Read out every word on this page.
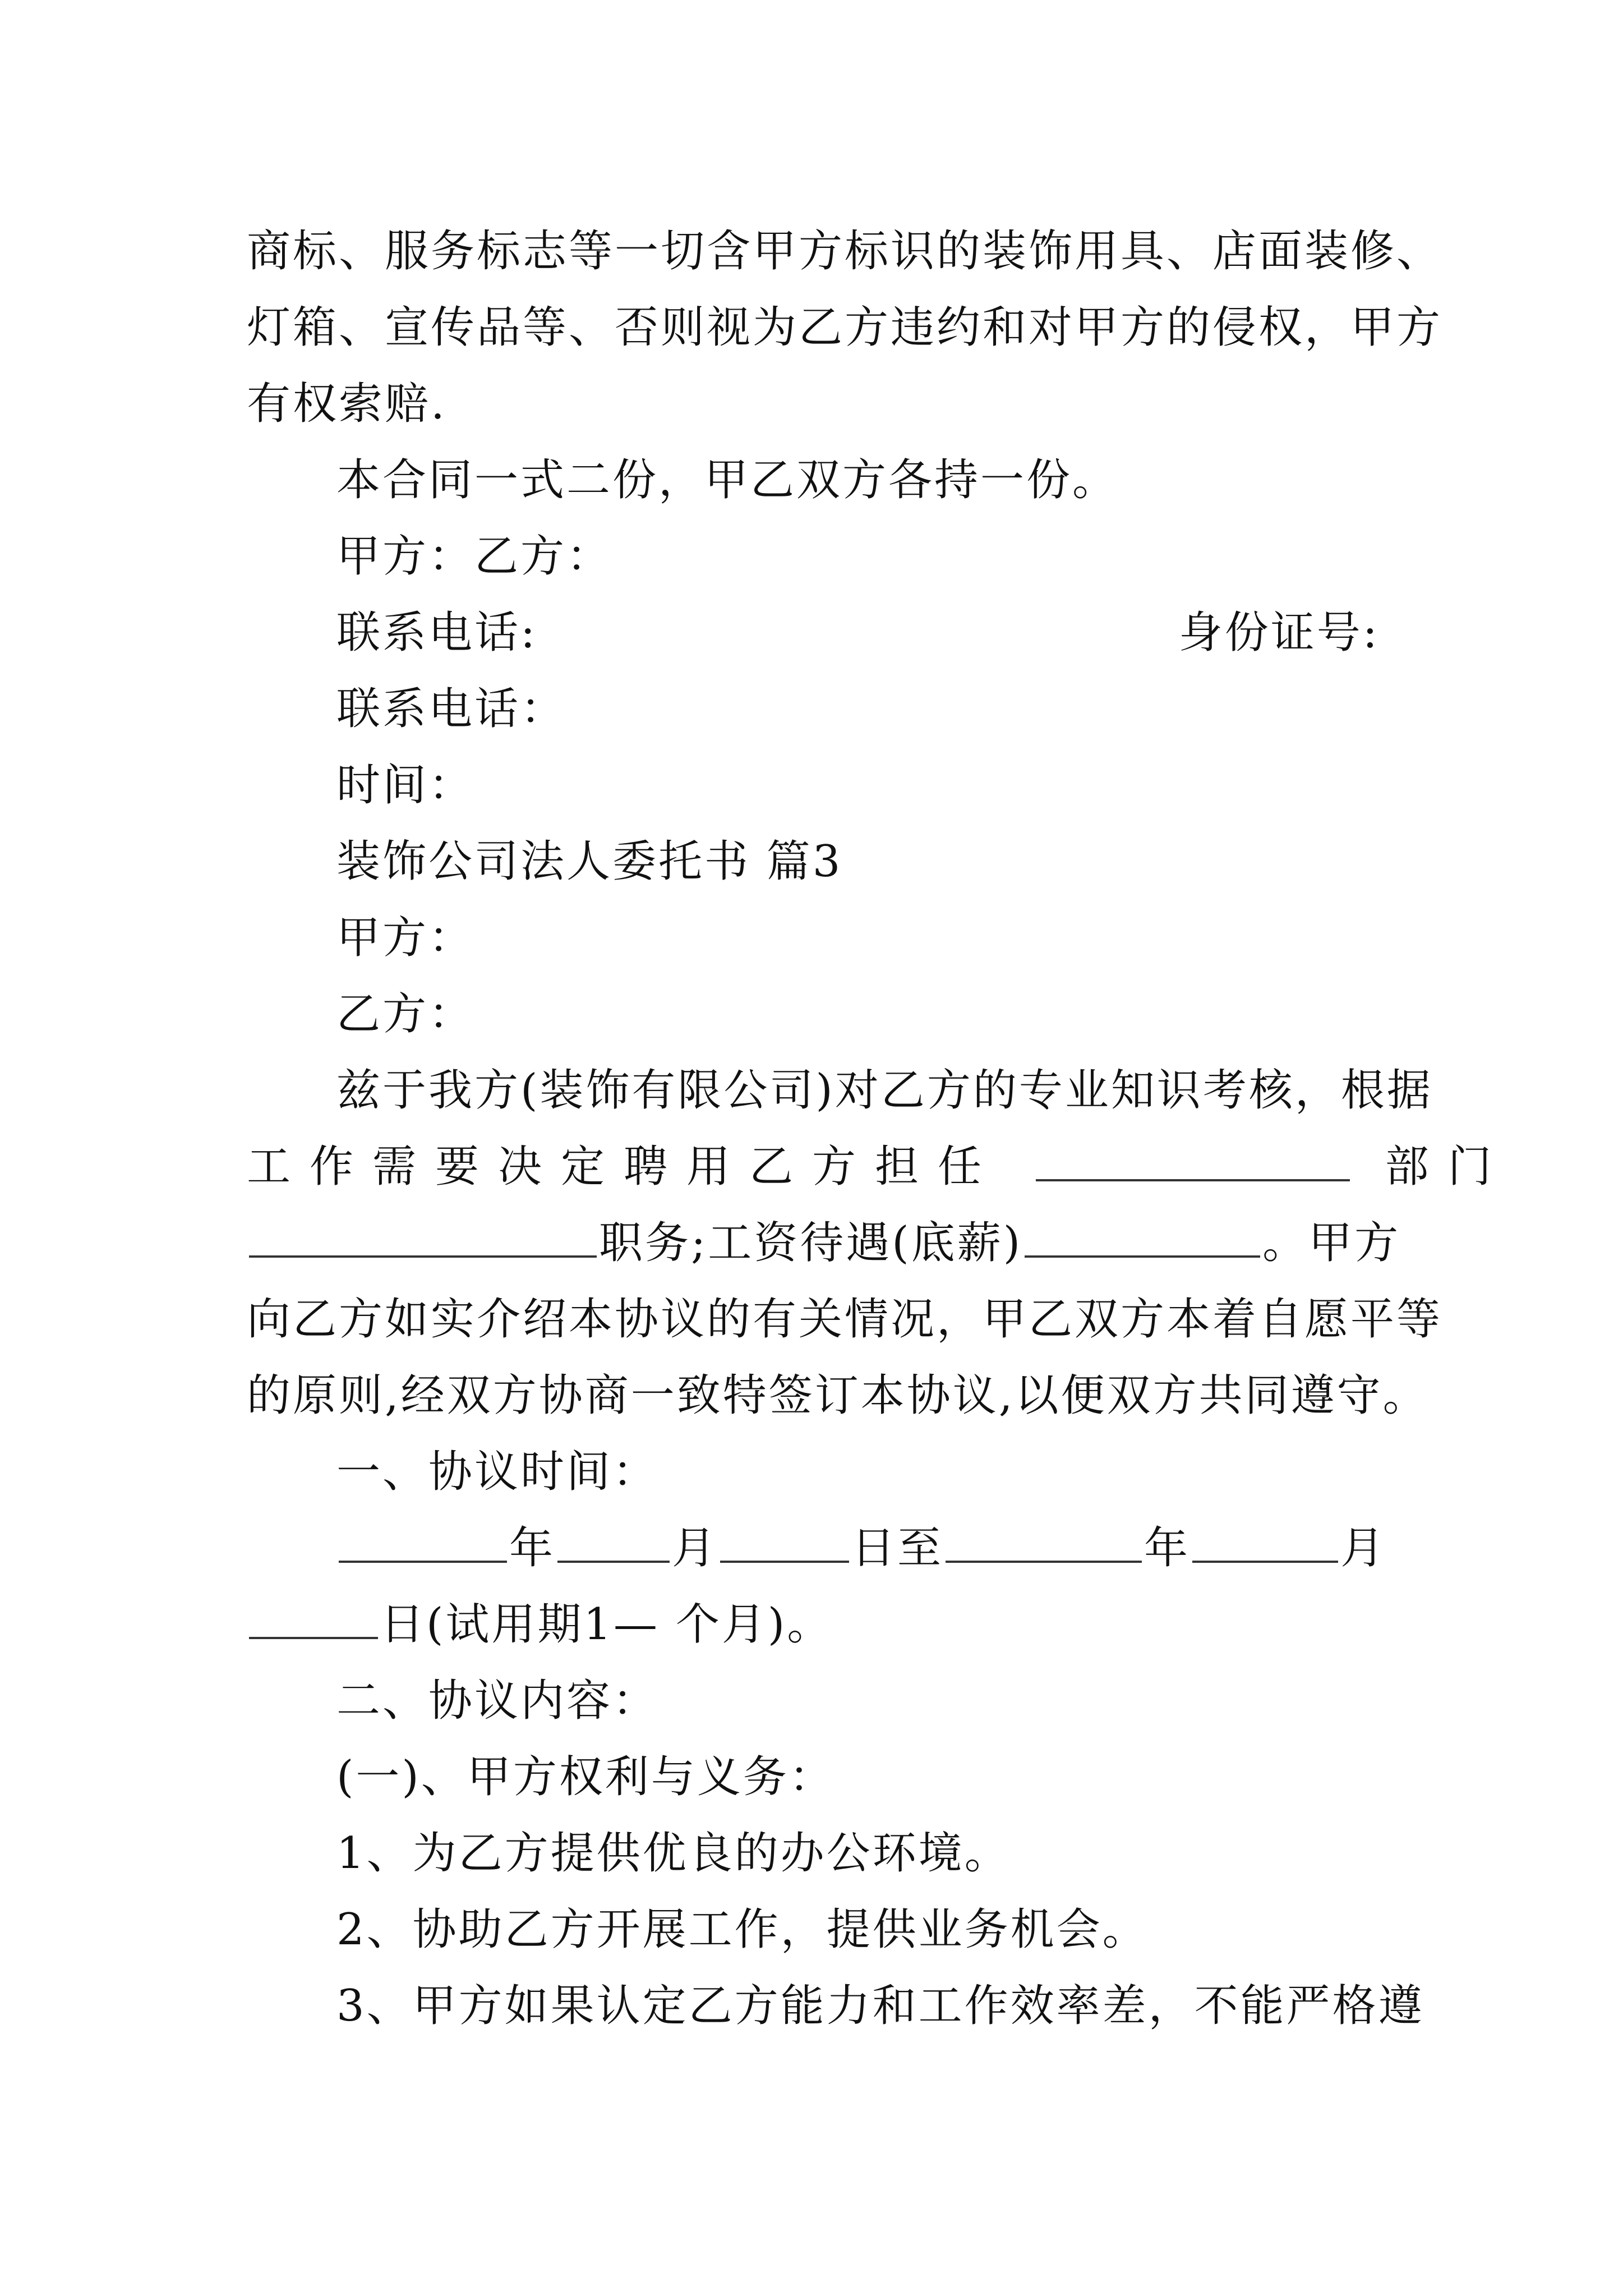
商标、服务标志等一切含甲方标识的装饰用具、店面装修、
灯箱、宣传品等、否则视为乙方违约和对甲方的侵权，甲方
有权索赔.
本合同一式二份，甲乙双方各持一份。
甲方：乙方：
联系电话:	身份证号:
联系电话：
时间：
装饰公司法人委托书 篇3
甲方：
乙方：
兹于我方(装饰有限公司)对乙方的专业知识考核，根据
工作需要决定聘用乙方担任	部门
职务;工资待遇(底薪)	。甲方
向乙方如实介绍本协议的有关情况，甲乙双方本着自愿平等
的原则,经双方协商一致特签订本协议,以便双方共同遵守。
一、协议时间：
年	月	日至	年	月
日(试用期1— 个月)。
二、协议内容：
(一)、甲方权利与义务：
1、为乙方提供优良的办公环境。
2、协助乙方开展工作，提供业务机会。
3、甲方如果认定乙方能力和工作效率差，不能严格遵
